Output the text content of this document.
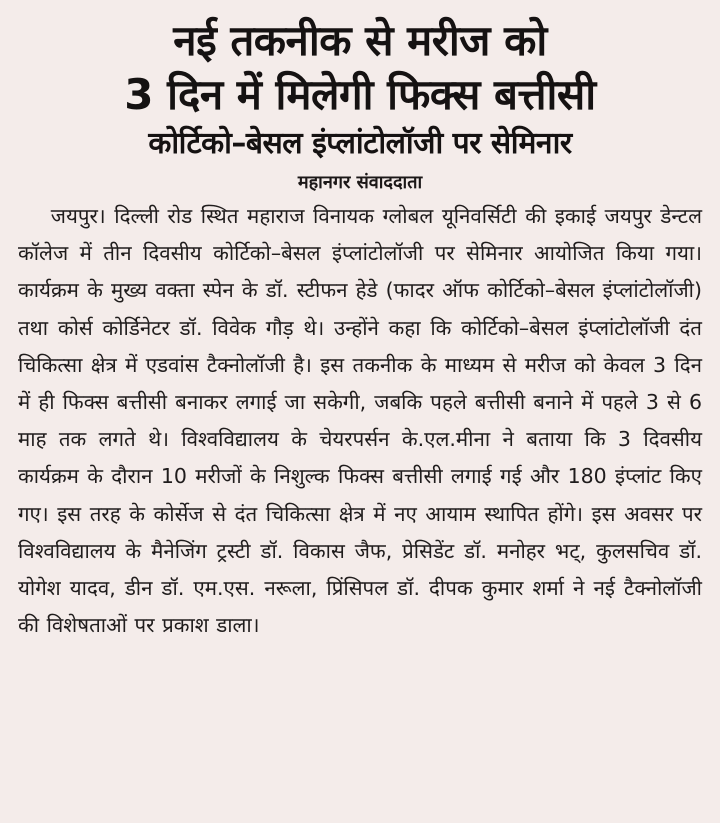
नई तकनीक से मरीज को
3 दिन में मिलेगी फिक्स बत्तीसी
कोर्टिको–बेसल इंप्लांटोलॉजी पर सेमिनार
महानगर संवाददाता

जयपुर। दिल्ली रोड स्थित महाराज विनायक ग्लोबल यूनिवर्सिटी की इकाई जयपुर डेन्टल कॉलेज में तीन दिवसीय कोर्टिको–बेसल इंप्लांटोलॉजी पर सेमिनार आयोजित किया गया। कार्यक्रम के मुख्य वक्ता स्पेन के डॉ. स्टीफन हेडे (फादर ऑफ कोर्टिको–बेसल इंप्लांटोलॉजी) तथा कोर्स कोर्डिनेटर डॉ. विवेक गौड़ थे। उन्होंने कहा कि कोर्टिको–बेसल इंप्लांटोलॉजी दंत चिकित्सा क्षेत्र में एडवांस टैक्नोलॉजी है। इस तकनीक के माध्यम से मरीज को केवल 3 दिन में ही फिक्स बत्तीसी बनाकर लगाई जा सकेगी, जबकि पहले बत्तीसी बनाने में पहले 3 से 6 माह तक लगते थे। विश्वविद्यालय के चेयरपर्सन के.एल.मीना ने बताया कि 3 दिवसीय कार्यक्रम के दौरान 10 मरीजों के निशुल्क फिक्स बत्तीसी लगाई गई और 180 इंप्लांट किए गए। इस तरह के कोर्सेज से दंत चिकित्सा क्षेत्र में नए आयाम स्थापित होंगे। इस अवसर पर विश्वविद्यालय के मैनेजिंग ट्रस्टी डॉ. विकास जैफ, प्रेसिडेंट डॉ. मनोहर भट्, कुलसचिव डॉ. योगेश यादव, डीन डॉ. एम.एस. नरूला, प्रिंसिपल डॉ. दीपक कुमार शर्मा ने नई टैक्नोलॉजी की विशेषताओं पर प्रकाश डाला।
